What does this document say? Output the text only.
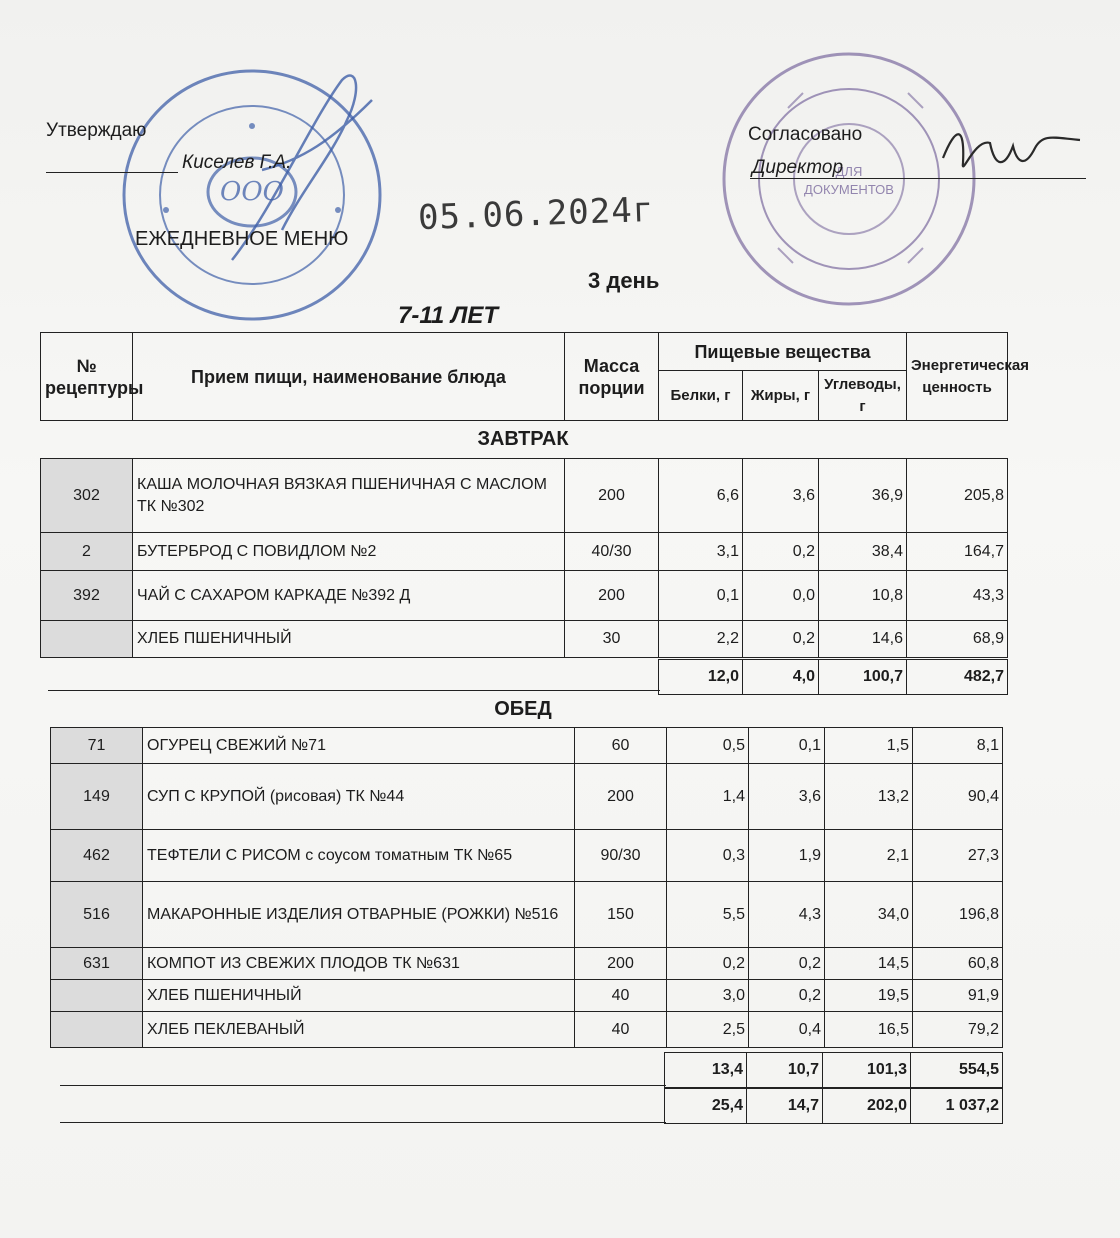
ООО
ДЛЯ
ДОКУМЕНТОВ
Утверждаю
Киселев Г.А.
Согласовано
Директор
ЕЖЕДНЕВНОЕ МЕНЮ
05.06.2024г
3 день
7-11 ЛЕТ
№ рецептуры	Прием пищи, наименование блюда	Масса порции	Пищевые вещества			Энергетическая ценность
			Белки, г	Жиры, г	Углеводы, г	
ЗАВТРАК
302	КАША МОЛОЧНАЯ ВЯЗКАЯ ПШЕНИЧНАЯ С МАСЛОМ ТК №302	200	6,6	3,6	36,9	205,8
2	БУТЕРБРОД С ПОВИДЛОМ №2	40/30	3,1	0,2	38,4	164,7
392	ЧАЙ С САХАРОМ КАРКАДЕ №392 Д	200	0,1	0,0	10,8	43,3
	ХЛЕБ ПШЕНИЧНЫЙ	30	2,2	0,2	14,6	68,9
12,0	4,0	100,7	482,7
ОБЕД
71	ОГУРЕЦ СВЕЖИЙ №71	60	0,5	0,1	1,5	8,1
149	СУП С КРУПОЙ (рисовая) ТК №44	200	1,4	3,6	13,2	90,4
462	ТЕФТЕЛИ С РИСОМ с соусом томатным ТК №65	90/30	0,3	1,9	2,1	27,3
516	МАКАРОННЫЕ ИЗДЕЛИЯ ОТВАРНЫЕ (РОЖКИ) №516	150	5,5	4,3	34,0	196,8
631	КОМПОТ ИЗ СВЕЖИХ ПЛОДОВ ТК №631	200	0,2	0,2	14,5	60,8
	ХЛЕБ ПШЕНИЧНЫЙ	40	3,0	0,2	19,5	91,9
	ХЛЕБ ПЕКЛЕВАНЫЙ	40	2,5	0,4	16,5	79,2
13,4	10,7	101,3	554,5
25,4	14,7	202,0	1 037,2
